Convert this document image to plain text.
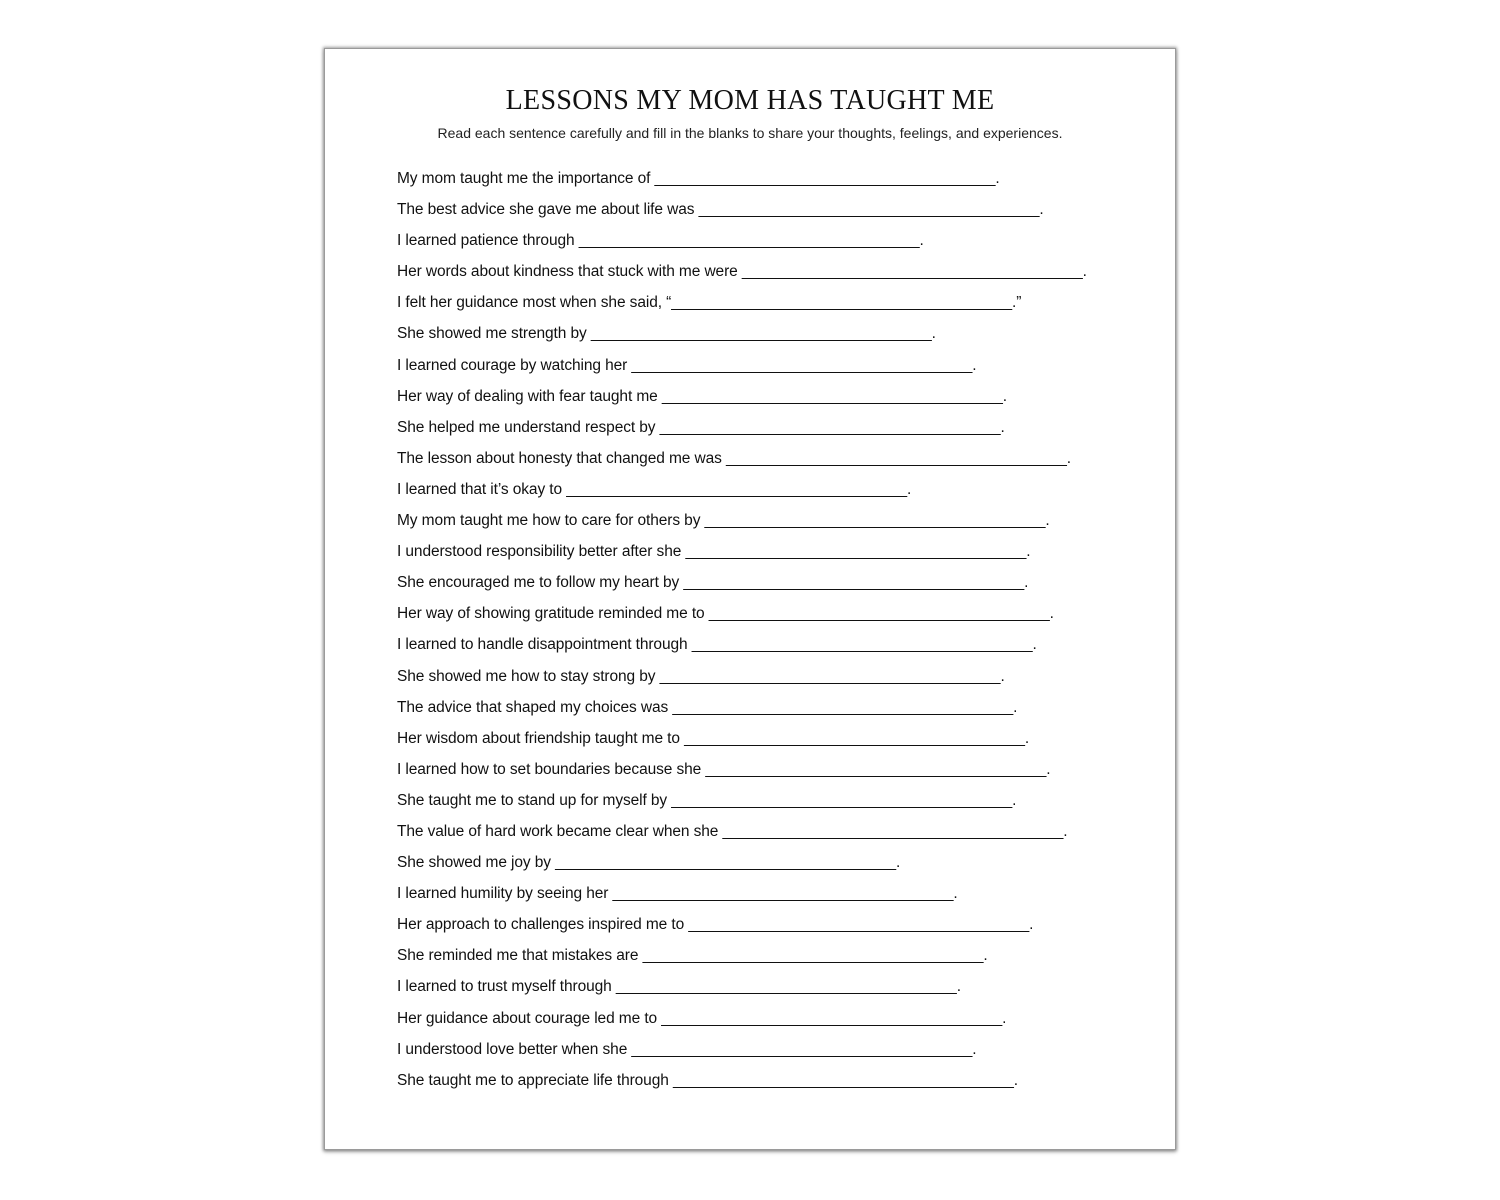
LESSONS MY MOM HAS TAUGHT ME

Read each sentence carefully and fill in the blanks to share your thoughts, feelings, and experiences.

My mom taught me the importance of ________________________________________.
The best advice she gave me about life was ________________________________________.
I learned patience through ________________________________________.
Her words about kindness that stuck with me were ________________________________________.
I felt her guidance most when she said, “________________________________________.”
She showed me strength by ________________________________________.
I learned courage by watching her ________________________________________.
Her way of dealing with fear taught me ________________________________________.
She helped me understand respect by ________________________________________.
The lesson about honesty that changed me was ________________________________________.
I learned that it’s okay to ________________________________________.
My mom taught me how to care for others by ________________________________________.
I understood responsibility better after she ________________________________________.
She encouraged me to follow my heart by ________________________________________.
Her way of showing gratitude reminded me to ________________________________________.
I learned to handle disappointment through ________________________________________.
She showed me how to stay strong by ________________________________________.
The advice that shaped my choices was ________________________________________.
Her wisdom about friendship taught me to ________________________________________.
I learned how to set boundaries because she ________________________________________.
She taught me to stand up for myself by ________________________________________.
The value of hard work became clear when she ________________________________________.
She showed me joy by ________________________________________.
I learned humility by seeing her ________________________________________.
Her approach to challenges inspired me to ________________________________________.
She reminded me that mistakes are ________________________________________.
I learned to trust myself through ________________________________________.
Her guidance about courage led me to ________________________________________.
I understood love better when she ________________________________________.
She taught me to appreciate life through ________________________________________.
